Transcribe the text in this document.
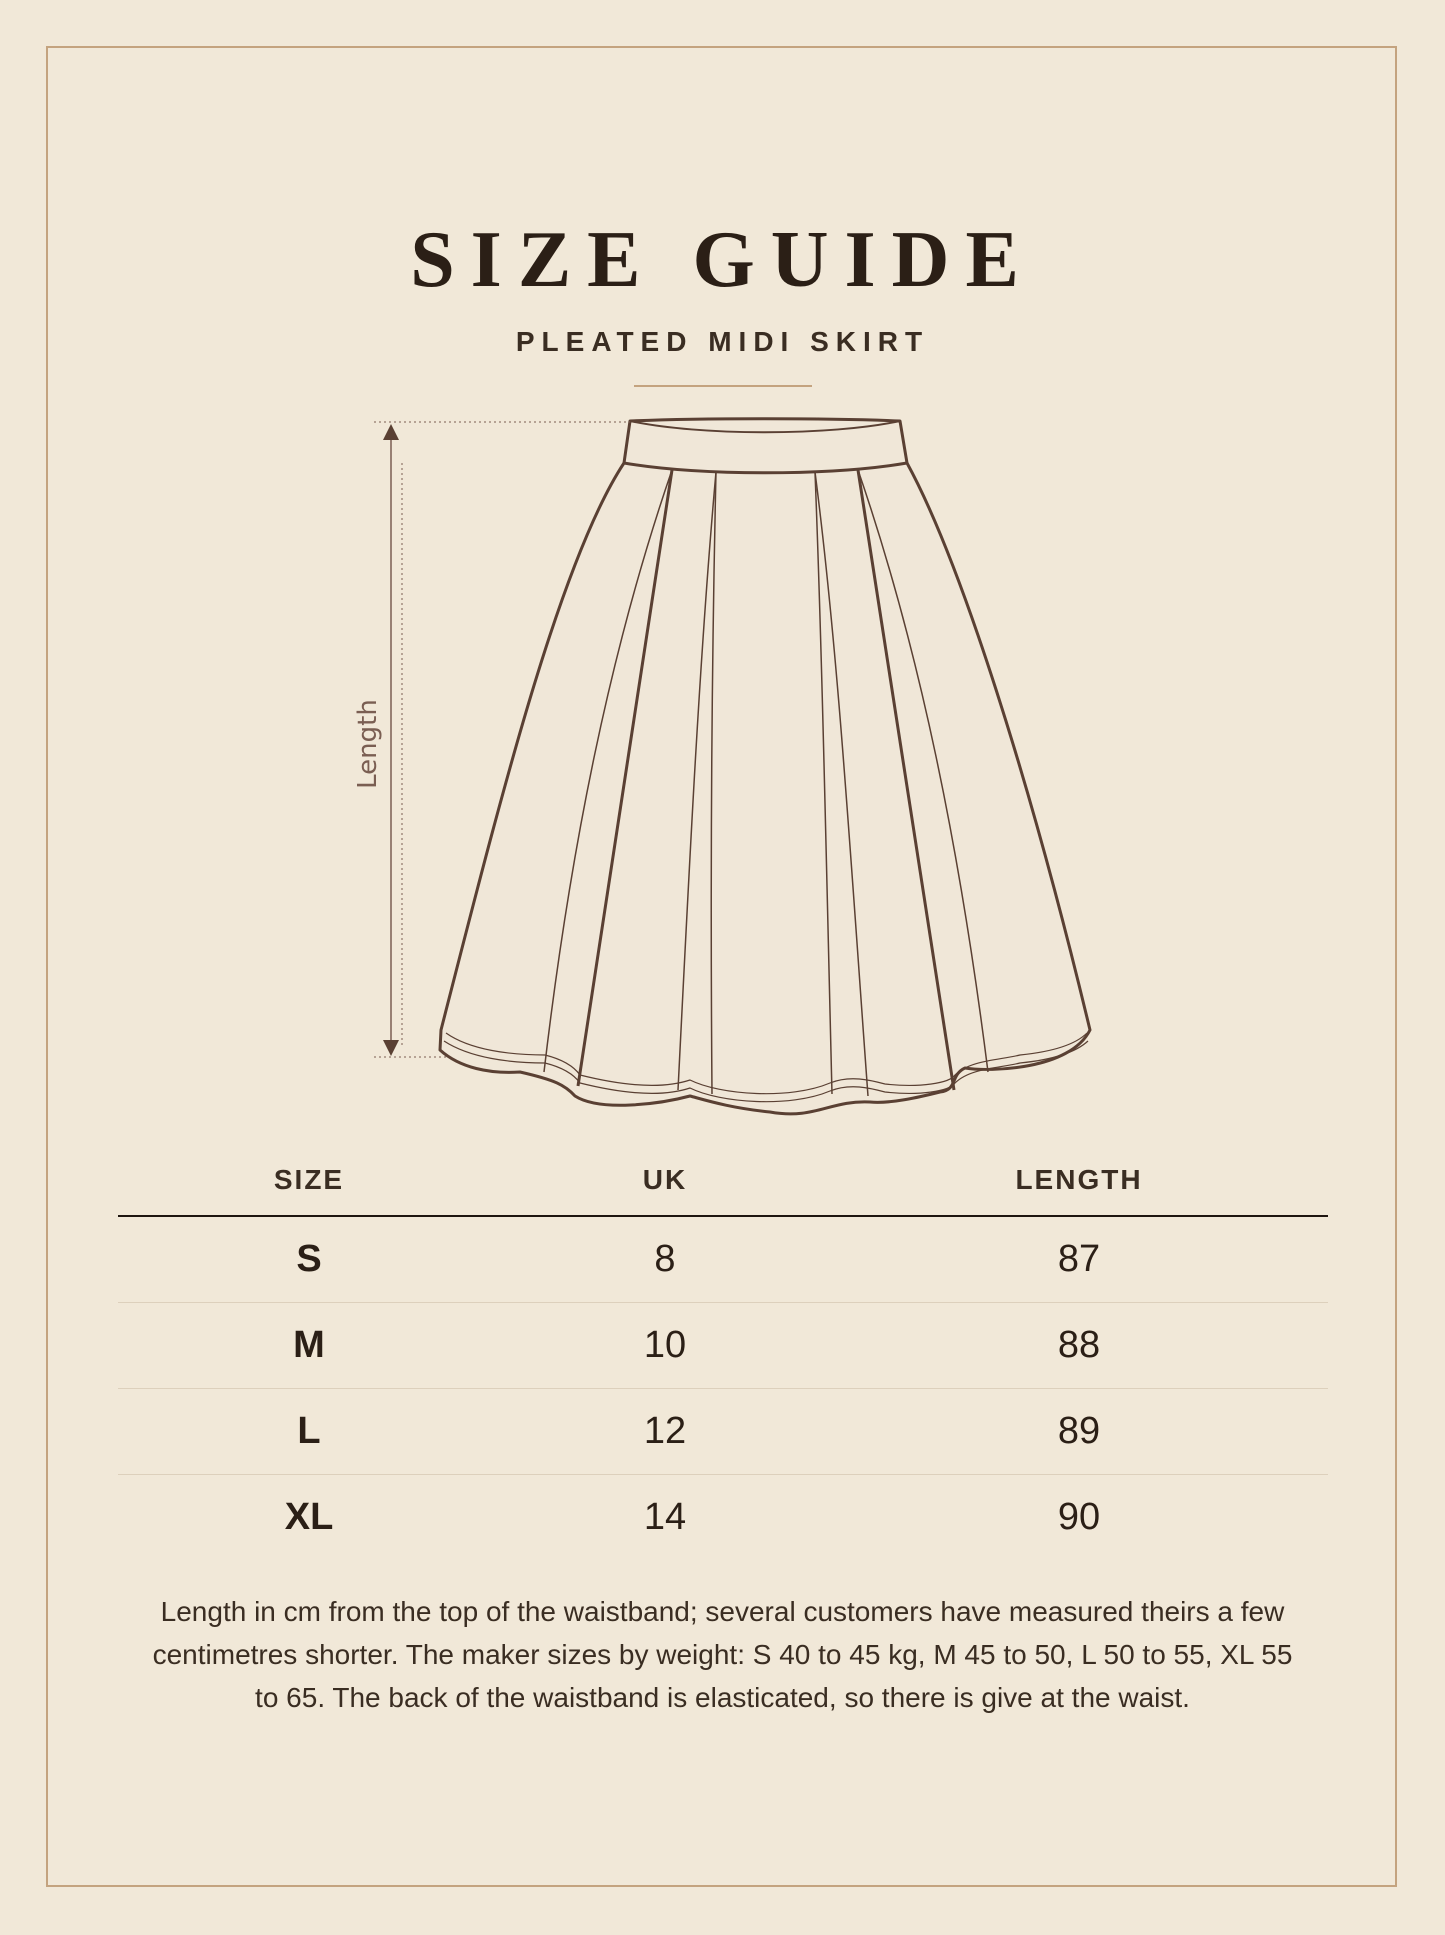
SIZE GUIDE
PLEATED MIDI SKIRT
Length
SIZE	UK	LENGTH
S	8	87
M	10	88
L	12	89
XL	14	90

Length in cm from the top of the waistband; several customers have measured theirs a few centimetres shorter. The maker sizes by weight: S 40 to 45 kg, M 45 to 50, L 50 to 55, XL 55 to 65. The back of the waistband is elasticated, so there is give at the waist.
